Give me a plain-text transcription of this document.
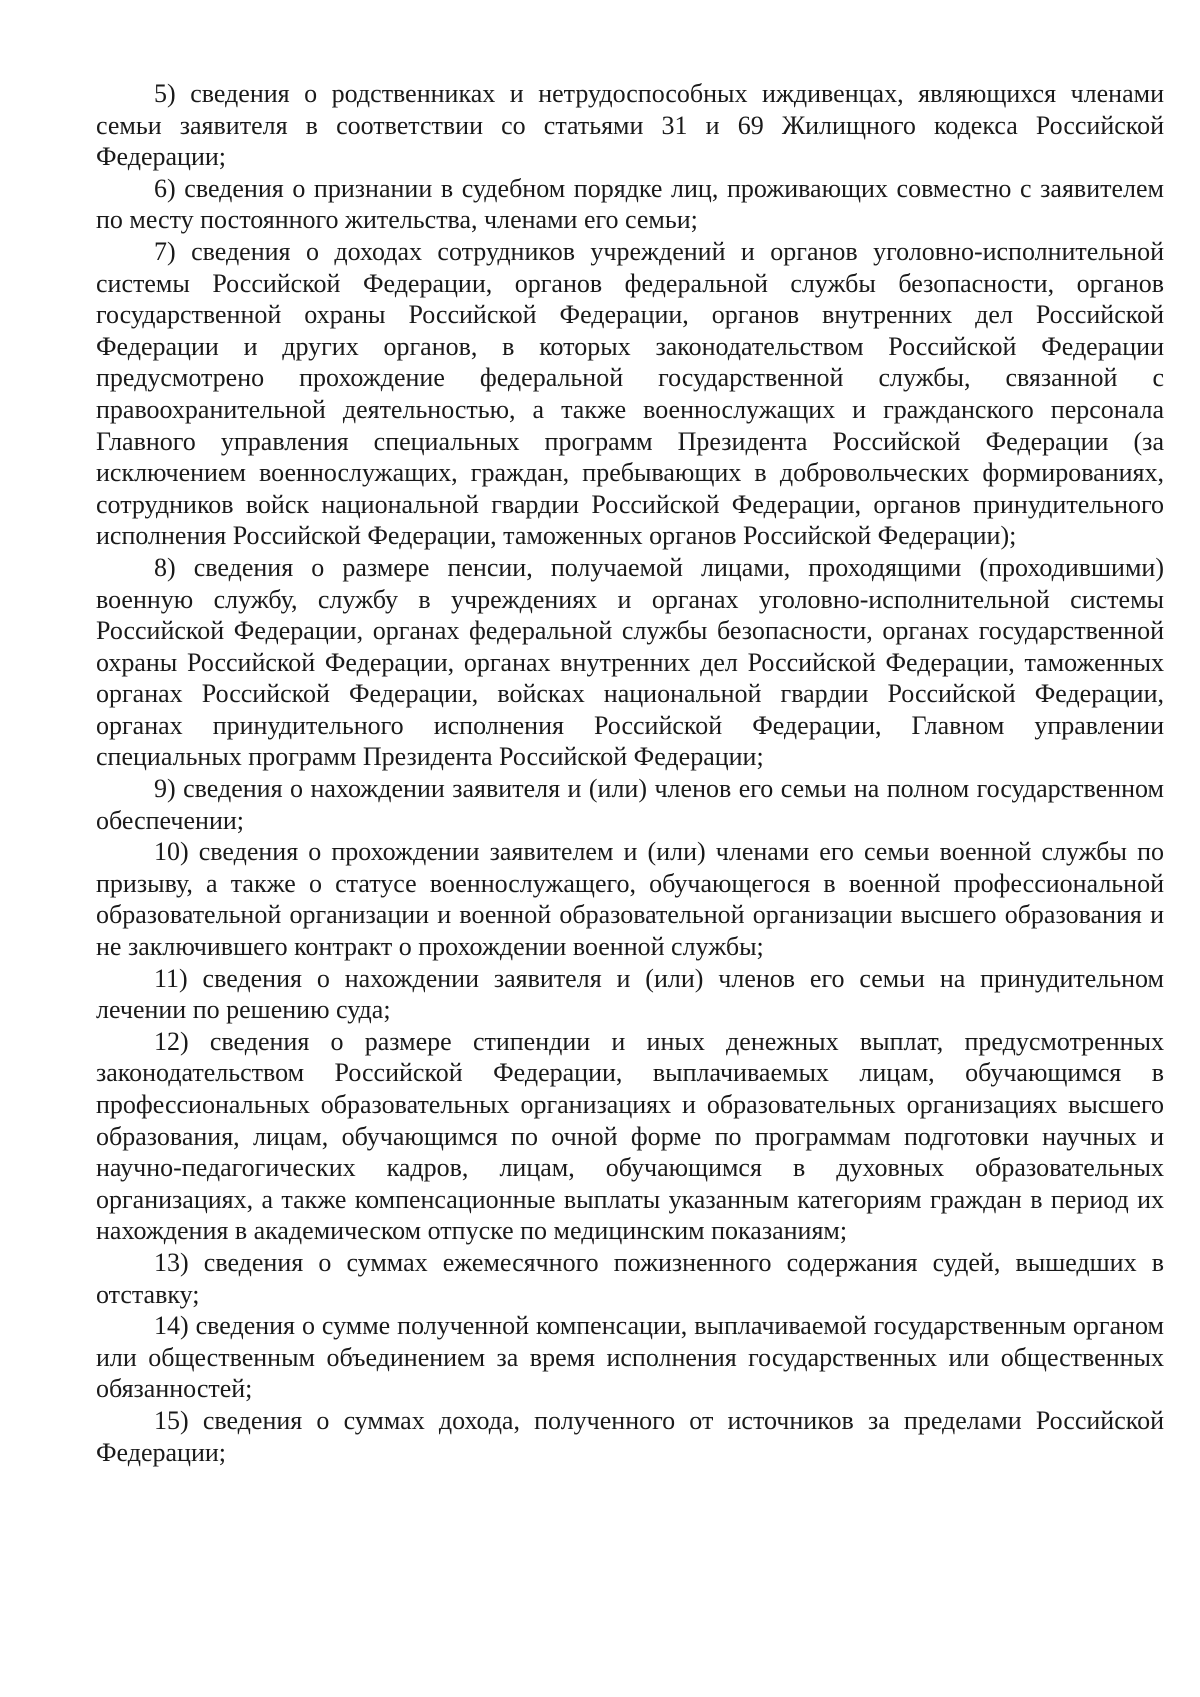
5) сведения о родственниках и нетрудоспособных иждивенцах, являющихся членами семьи заявителя в соответствии со статьями 31 и 69 Жилищного кодекса Российской Федерации;

6) сведения о признании в судебном порядке лиц, проживающих совместно с заявителем по месту постоянного жительства, членами его семьи;

7) сведения о доходах сотрудников учреждений и органов уголовно-исполнительной системы Российской Федерации, органов федеральной службы безопасности, органов государственной охраны Российской Федерации, органов внутренних дел Российской Федерации и других органов, в которых законодательством Российской Федерации предусмотрено прохождение федеральной государственной службы, связанной с правоохранительной деятельностью, а также военнослужащих и гражданского персонала Главного управления специальных программ Президента Российской Федерации (за исключением военнослужащих, граждан, пребывающих в добровольческих формированиях, сотрудников войск национальной гвардии Российской Федерации, органов принудительного исполнения Российской Федерации, таможенных органов Российской Федерации);

8) сведения о размере пенсии, получаемой лицами, проходящими (проходившими) военную службу, службу в учреждениях и органах уголовно-исполнительной системы Российской Федерации, органах федеральной службы безопасности, органах государственной охраны Российской Федерации, органах внутренних дел Российской Федерации, таможенных органах Российской Федерации, войсках национальной гвардии Российской Федерации, органах принудительного исполнения Российской Федерации, Главном управлении специальных программ Президента Российской Федерации;

9) сведения о нахождении заявителя и (или) членов его семьи на полном государственном обеспечении;

10) сведения о прохождении заявителем и (или) членами его семьи военной службы по призыву, а также о статусе военнослужащего, обучающегося в военной профессиональной образовательной организации и военной образовательной организации высшего образования и не заключившего контракт о прохождении военной службы;

11) сведения о нахождении заявителя и (или) членов его семьи на принудительном лечении по решению суда;

12) сведения о размере стипендии и иных денежных выплат, предусмотренных законодательством Российской Федерации, выплачиваемых лицам, обучающимся в профессиональных образовательных организациях и образовательных организациях высшего образования, лицам, обучающимся по очной форме по программам подготовки научных и научно-педагогических кадров, лицам, обучающимся в духовных образовательных организациях, а также компенсационные выплаты указанным категориям граждан в период их нахождения в академическом отпуске по медицинским показаниям;

13) сведения о суммах ежемесячного пожизненного содержания судей, вышедших в отставку;

14) сведения о сумме полученной компенсации, выплачиваемой государственным органом или общественным объединением за время исполнения государственных или общественных обязанностей;

15) сведения о суммах дохода, полученного от источников за пределами Российской Федерации;
